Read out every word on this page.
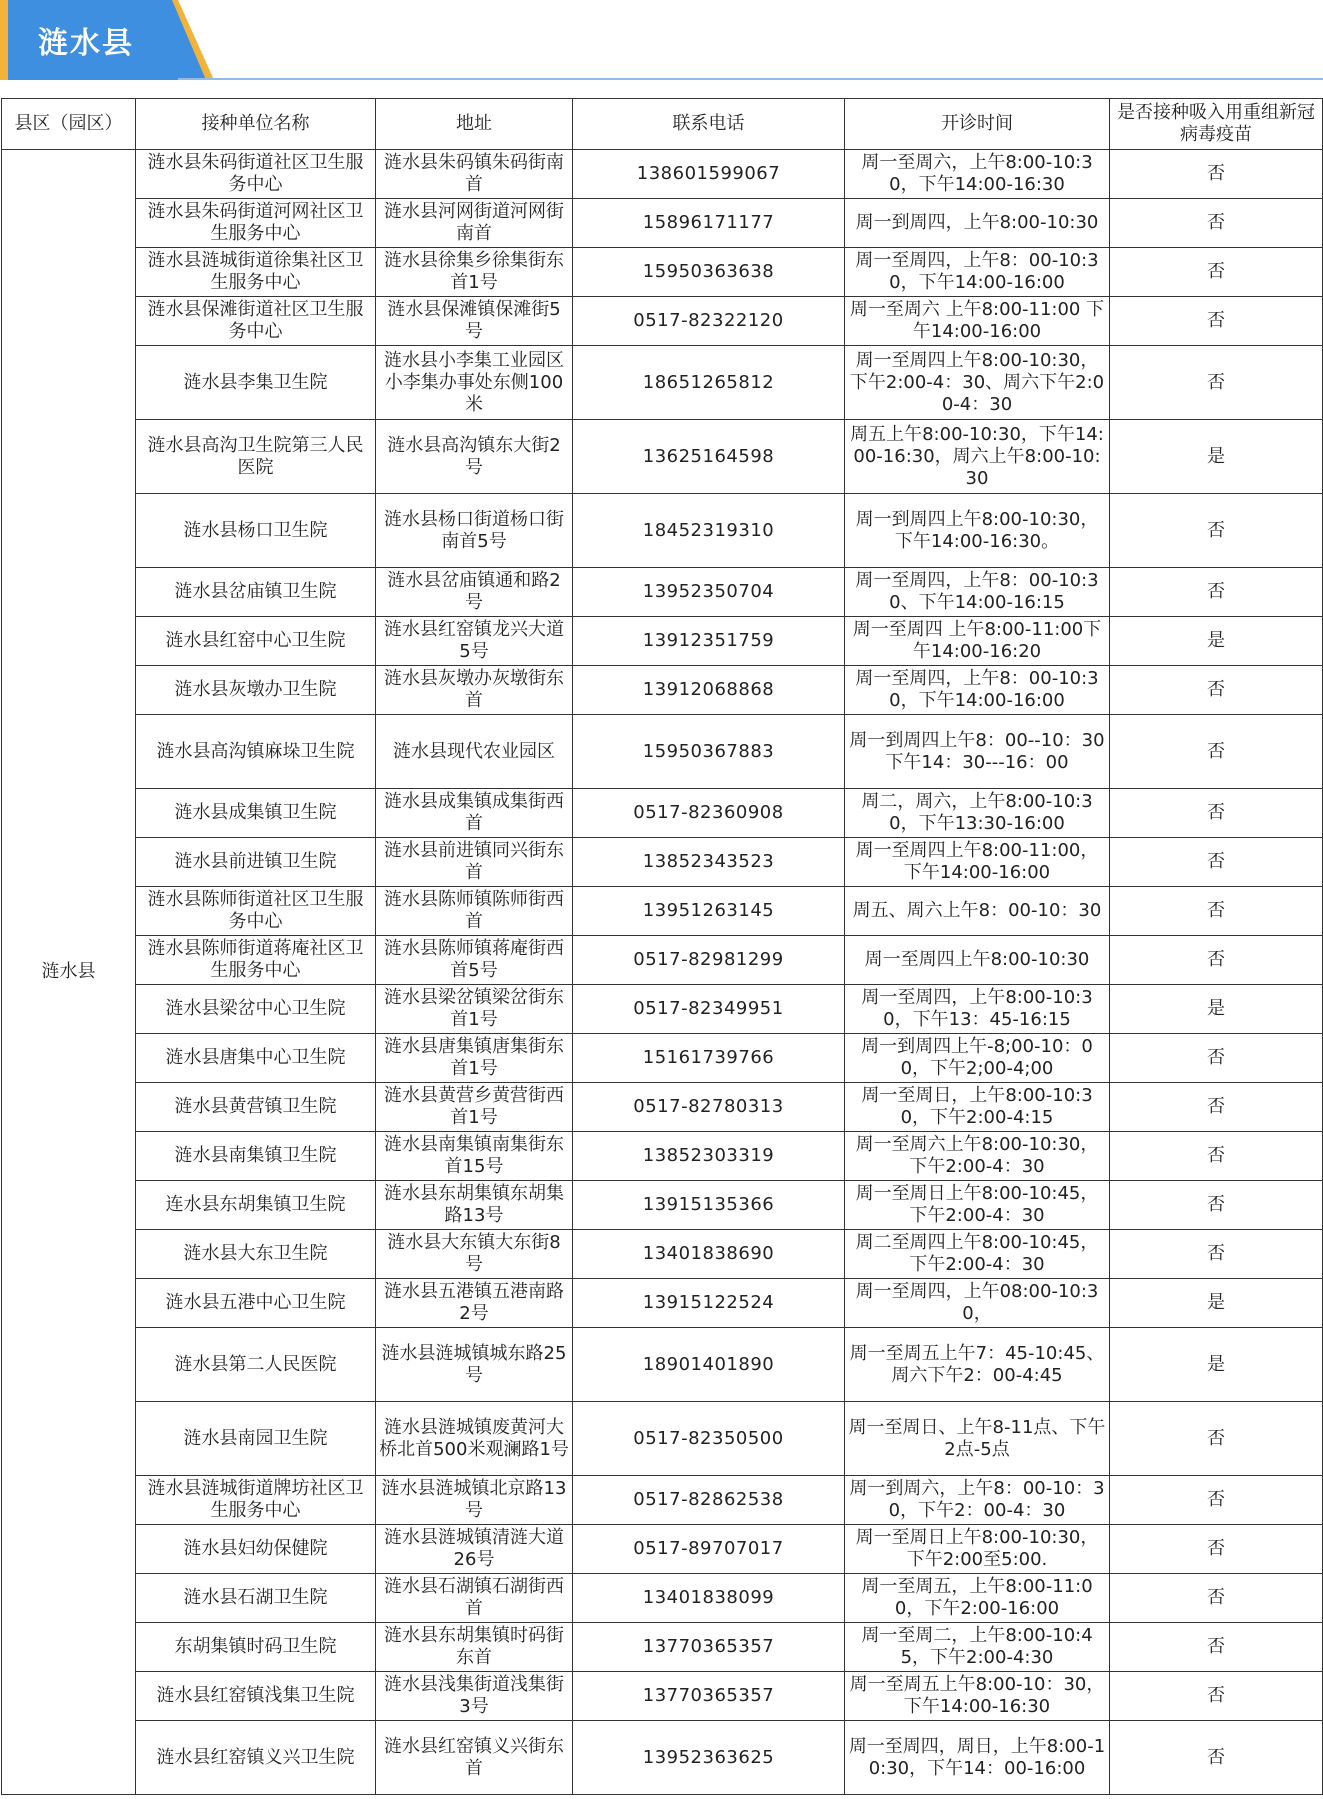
涟水县
县区（园区）	接种单位名称	地址	联系电话	开诊时间	是否接种吸入用重组新冠病毒疫苗
涟水县	涟水县朱码街道社区卫生服务中心	涟水县朱码镇朱码街南首	138601599067	周一至周六，上午8:00-10:30，下午14:00-16:30	否
	涟水县朱码街道河网社区卫生服务中心	涟水县河网街道河网街南首	15896171177	周一到周四，上午8:00-10:30	否
	涟水县涟城街道徐集社区卫生服务中心	涟水县徐集乡徐集街东首1号	15950363638	周一至周四，上午8：00-10:30，下午14:00-16:00	否
	涟水县保滩街道社区卫生服务中心	涟水县保滩镇保滩街5号	0517-82322120	周一至周六 上午8:00-11:00 下午14:00-16:00	否
	涟水县李集卫生院	涟水县小李集工业园区小李集办事处东侧100米	18651265812	周一至周四上午8:00-10:30，下午2:00-4：30、周六下午2:00-4：30	否
	涟水县高沟卫生院第三人民医院	涟水县高沟镇东大街2号	13625164598	周五上午8:00-10:30，下午14:00-16:30，周六上午8:00-10:30	是
	涟水县杨口卫生院	涟水县杨口街道杨口街南首5号	18452319310	周一到周四上午8:00-10:30，下午14:00-16:30。	否
	涟水县岔庙镇卫生院	涟水县岔庙镇通和路2号	13952350704	周一至周四，上午8：00-10:30、下午14:00-16:15	否
	涟水县红窑中心卫生院	涟水县红窑镇龙兴大道5号	13912351759	周一至周四 上午8:00-11:00下午14:00-16:20	是
	涟水县灰墩办卫生院	涟水县灰墩办灰墩街东首	13912068868	周一至周四，上午8：00-10:30，下午14:00-16:00	否
	涟水县高沟镇麻垛卫生院	涟水县现代农业园区	15950367883	周一到周四上午8：00--10：30下午14：30---16：00	否
	涟水县成集镇卫生院	涟水县成集镇成集街西首	0517-82360908	周二，周六，上午8:00-10:30，下午13:30-16:00	否
	涟水县前进镇卫生院	涟水县前进镇同兴街东首	13852343523	周一至周四上午8:00-11:00，下午14:00-16:00	否
	涟水县陈师街道社区卫生服务中心	涟水县陈师镇陈师街西首	13951263145	周五、周六上午8：00-10：30	否
	涟水县陈师街道蒋庵社区卫生服务中心	涟水县陈师镇蒋庵街西首5号	0517-82981299	周一至周四上午8:00-10:30	否
	涟水县梁岔中心卫生院	涟水县梁岔镇梁岔街东首1号	0517-82349951	周一至周四，上午8:00-10:30，下午13：45-16:15	是
	涟水县唐集中心卫生院	涟水县唐集镇唐集街东首1号	15161739766	周一到周四上午-8;00-10：00，下午2;00-4;00	否
	涟水县黄营镇卫生院	涟水县黄营乡黄营街西首1号	0517-82780313	周一至周日，上午8:00-10:30，下午2:00-4:15	否
	涟水县南集镇卫生院	涟水县南集镇南集街东首15号	13852303319	周一至周六上午8:00-10:30，下午2:00-4：30	否
	连水县东胡集镇卫生院	涟水县东胡集镇东胡集路13号	13915135366	周一至周日上午8:00-10:45，下午2:00-4：30	否
	涟水县大东卫生院	涟水县大东镇大东街8号	13401838690	周二至周四上午8:00-10:45，下午2:00-4：30	否
	涟水县五港中心卫生院	涟水县五港镇五港南路2号	13915122524	周一至周四，上午08:00-10:30，	是
	涟水县第二人民医院	涟水县涟城镇城东路25号	18901401890	周一至周五上午7：45-10:45、周六下午2：00-4:45	是
	涟水县南园卫生院	涟水县涟城镇废黄河大桥北首500米观澜路1号	0517-82350500	周一至周日、上午8-11点、下午2点-5点	否
	涟水县涟城街道牌坊社区卫生服务中心	涟水县涟城镇北京路13号	0517-82862538	周一到周六，上午8：00-10：30，下午2：00-4：30	否
	涟水县妇幼保健院	涟水县涟城镇清涟大道26号	0517-89707017	周一至周日上午8:00-10:30，下午2:00至5:00.	否
	涟水县石湖卫生院	涟水县石湖镇石湖街西首	13401838099	周一至周五，上午8:00-11:00，下午2:00-16:00	否
	东胡集镇时码卫生院	涟水县东胡集镇时码街东首	13770365357	周一至周二，上午8:00-10:45，下午2:00-4:30	否
	涟水县红窑镇浅集卫生院	涟水县浅集街道浅集街3号	13770365357	周一至周五上午8:00-10：30，下午14:00-16:30	否
	涟水县红窑镇义兴卫生院	涟水县红窑镇义兴街东首	13952363625	周一至周四，周日，上午8:00-10:30，下午14：00-16:00	否
